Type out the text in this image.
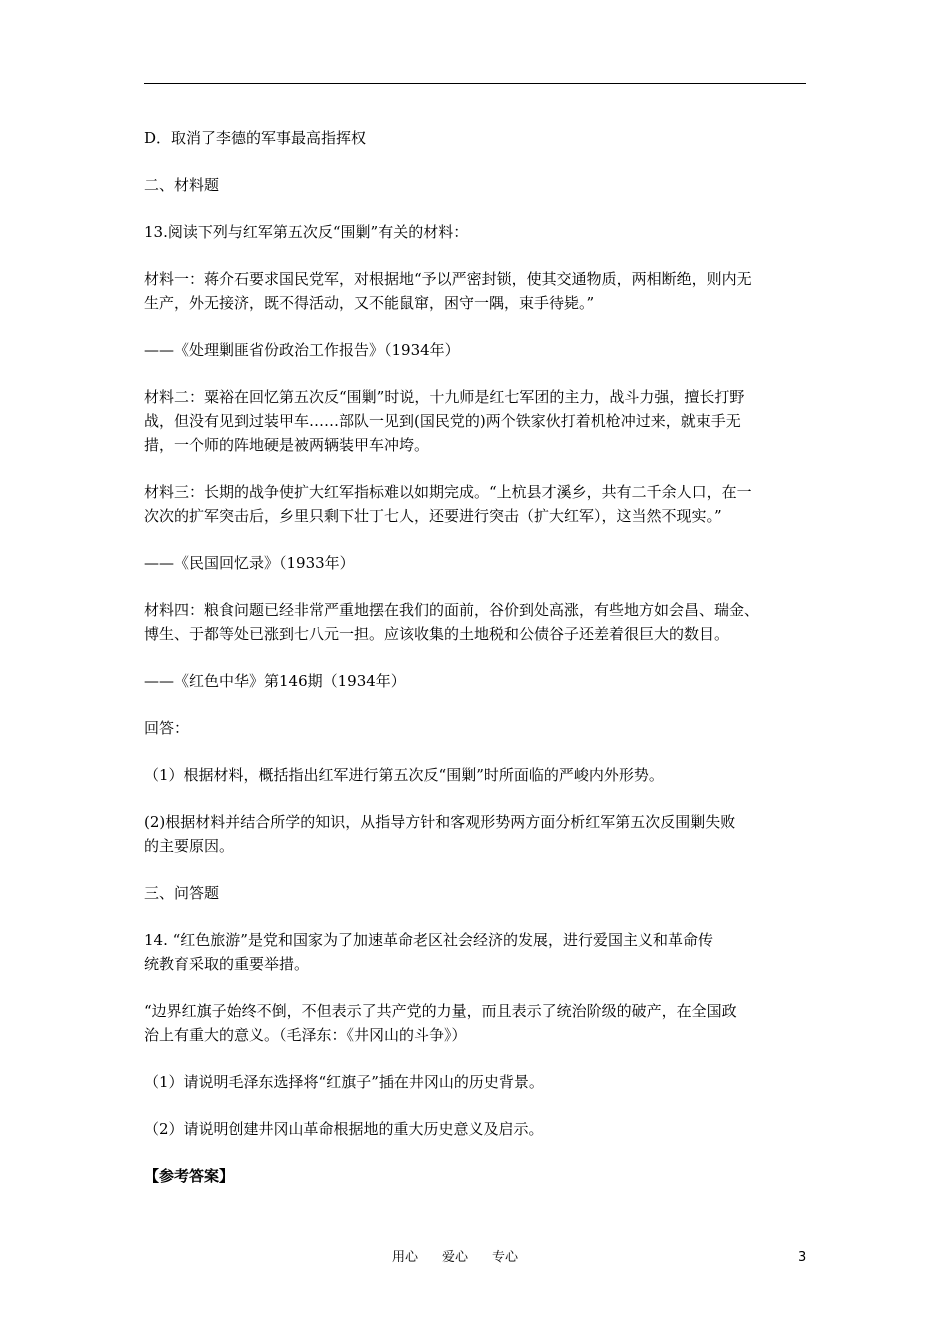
D．取消了李德的军事最高指挥权

二、材料题

13.阅读下列与红军第五次反“围剿”有关的材料：

材料一：蒋介石要求国民党军，对根据地“予以严密封锁，使其交通物质，两相断绝，则内无

生产，外无接济，既不得活动，又不能鼠窜，困守一隅，束手待毙。”

——《处理剿匪省份政治工作报告》（1934年）

材料二：粟裕在回忆第五次反“围剿”时说，十九师是红七军团的主力，战斗力强，擅长打野

战，但没有见到过装甲车……部队一见到(国民党的)两个铁家伙打着机枪冲过来，就束手无

措，一个师的阵地硬是被两辆装甲车冲垮。

材料三：长期的战争使扩大红军指标难以如期完成。“上杭县才溪乡，共有二千余人口，在一

次次的扩军突击后，乡里只剩下壮丁七人，还要进行突击（扩大红军），这当然不现实。”

——《民国回忆录》（1933年）

材料四：粮食问题已经非常严重地摆在我们的面前，谷价到处高涨，有些地方如会昌、瑞金、

博生、于都等处已涨到七八元一担。应该收集的土地税和公债谷子还差着很巨大的数目。

——《红色中华》第146期（1934年）

回答：

（1）根据材料，概括指出红军进行第五次反“围剿”时所面临的严峻内外形势。

(2)根据材料并结合所学的知识，从指导方针和客观形势两方面分析红军第五次反围剿失败

的主要原因。

三、问答题

14. “红色旅游”是党和国家为了加速革命老区社会经济的发展，进行爱国主义和革命传

统教育采取的重要举措。

“边界红旗子始终不倒，不但表示了共产党的力量，而且表示了统治阶级的破产，在全国政

治上有重大的意义。（毛泽东：《井冈山的斗争》）

（1）请说明毛泽东选择将“红旗子”插在井冈山的历史背景。

（2）请说明创建井冈山革命根据地的重大历史意义及启示。

【参考答案】

用心 爱心 专心	3
